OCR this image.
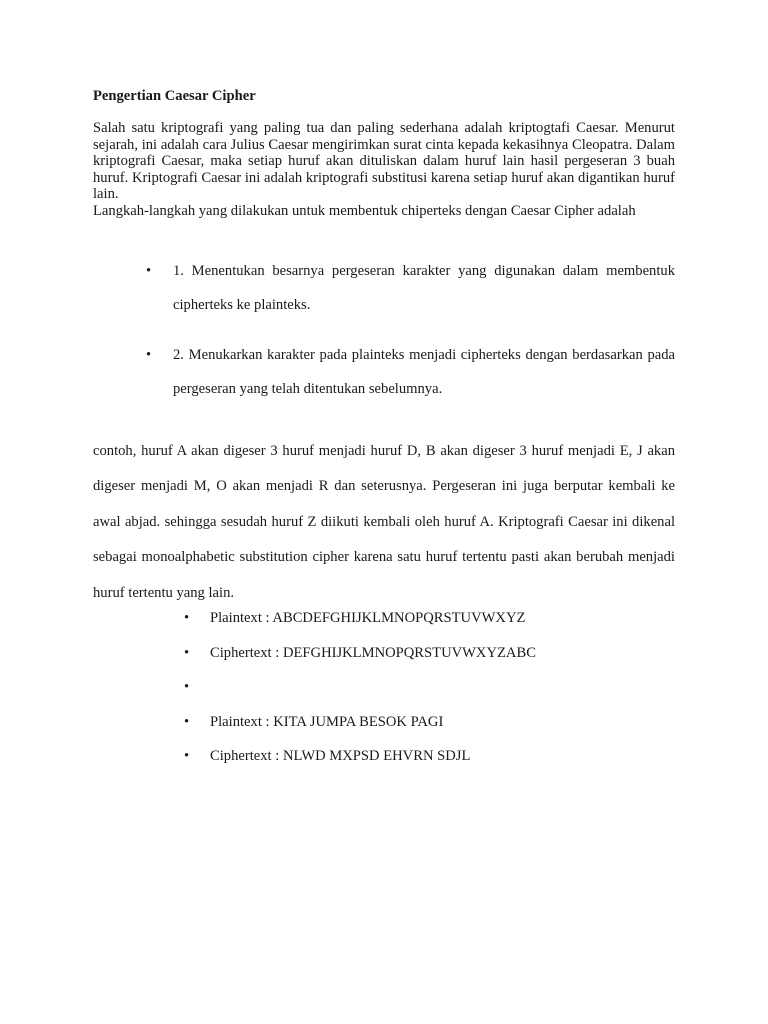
Pengertian Caesar Cipher

Salah satu kriptografi yang paling tua dan paling sederhana adalah kriptogtafi Caesar. Menurut sejarah, ini adalah cara Julius Caesar mengirimkan surat cinta kepada kekasihnya Cleopatra. Dalam kriptografi Caesar, maka setiap huruf akan dituliskan dalam huruf lain hasil pergeseran 3 buah huruf. Kriptografi Caesar ini adalah kriptografi substitusi karena setiap huruf akan digantikan huruf lain.

Langkah-langkah yang dilakukan untuk membentuk chiperteks dengan Caesar Cipher adalah

• 1. Menentukan besarnya pergeseran karakter yang digunakan dalam membentuk cipherteks ke plainteks.
• 2. Menukarkan karakter pada plainteks menjadi cipherteks dengan berdasarkan pada pergeseran yang telah ditentukan sebelumnya.

contoh, huruf A akan digeser 3 huruf menjadi huruf D, B akan digeser 3 huruf menjadi E, J akan digeser menjadi M, O akan menjadi R dan seterusnya. Pergeseran ini juga berputar kembali ke awal abjad. sehingga sesudah huruf Z diikuti kembali oleh huruf A. Kriptografi Caesar ini dikenal sebagai monoalphabetic substitution cipher karena satu huruf tertentu pasti akan berubah menjadi huruf tertentu yang lain.

• Plaintext : ABCDEFGHIJKLMNOPQRSTUVWXYZ
• Ciphertext : DEFGHIJKLMNOPQRSTUVWXYZABC
•
• Plaintext : KITA JUMPA BESOK PAGI
• Ciphertext : NLWD MXPSD EHVRN SDJL
